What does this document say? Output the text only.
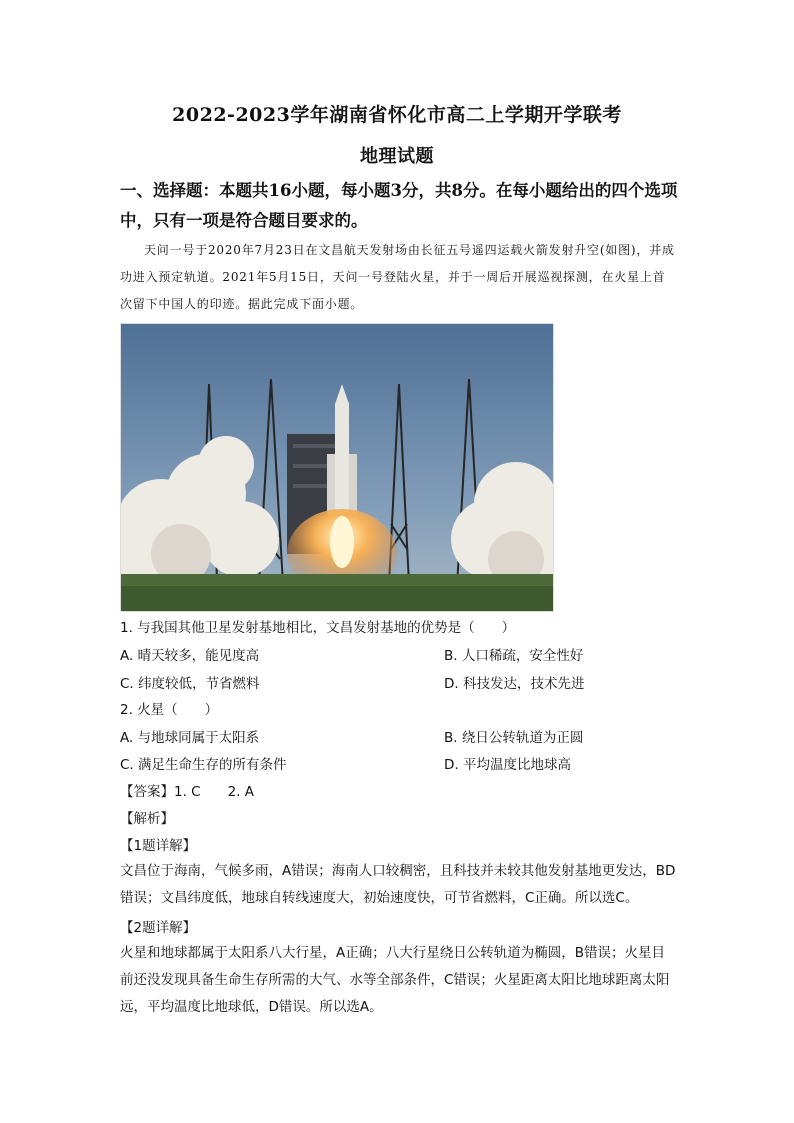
2022-2023学年湖南省怀化市高二上学期开学联考
地理试题
一、选择题：本题共16小题，每小题3分，共8分。在每小题给出的四个选项中，只有一项是符合题目要求的。
天问一号于2020年7月23日在文昌航天发射场由长征五号遥四运载火箭发射升空(如图)，并成功进入预定轨道。2021年5月15日，天问一号登陆火星，并于一周后开展巡视探测，在火星上首次留下中国人的印迹。据此完成下面小题。
1. 与我国其他卫星发射基地相比，文昌发射基地的优势是（　　）
A. 晴天较多，能见度高	B. 人口稀疏，安全性好
C. 纬度较低，节省燃料	D. 科技发达，技术先进
2. 火星（　　）
A. 与地球同属于太阳系	B. 绕日公转轨道为正圆
C. 满足生命生存的所有条件	D. 平均温度比地球高
【答案】1. C　　2. A
【解析】
【1题详解】
文昌位于海南，气候多雨，A错误；海南人口较稠密，且科技并未较其他发射基地更发达，BD错误；文昌纬度低，地球自转线速度大，初始速度快，可节省燃料，C正确。所以选C。
【2题详解】
火星和地球都属于太阳系八大行星，A正确；八大行星绕日公转轨道为椭圆，B错误；火星目前还没发现具备生命生存所需的大气、水等全部条件，C错误；火星距离太阳比地球距离太阳远，平均温度比地球低，D错误。所以选A。
